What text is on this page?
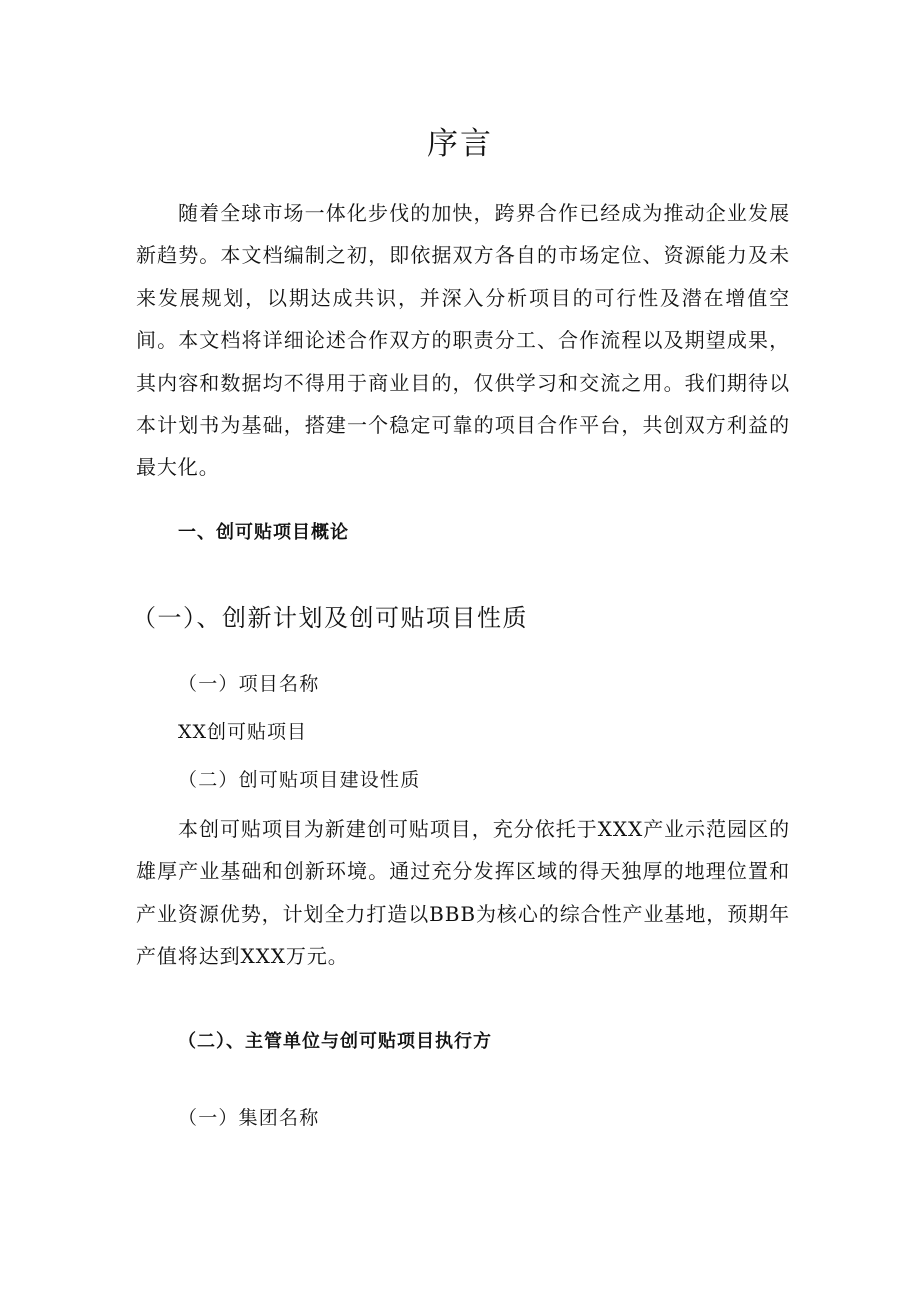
序言

随着全球市场一体化步伐的加快，跨界合作已经成为推动企业发展新趋势。本文档编制之初，即依据双方各自的市场定位、资源能力及未来发展规划，以期达成共识，并深入分析项目的可行性及潜在增值空间。本文档将详细论述合作双方的职责分工、合作流程以及期望成果，其内容和数据均不得用于商业目的，仅供学习和交流之用。我们期待以本计划书为基础，搭建一个稳定可靠的项目合作平台，共创双方利益的最大化。

一、创可贴项目概论
（一）、创新计划及创可贴项目性质

（一）项目名称

XX创可贴项目

（二）创可贴项目建设性质

本创可贴项目为新建创可贴项目，充分依托于XXX产业示范园区的雄厚产业基础和创新环境。通过充分发挥区域的得天独厚的地理位置和产业资源优势，计划全力打造以BBB为核心的综合性产业基地，预期年产值将达到XXX万元。

（二）、主管单位与创可贴项目执行方

（一）集团名称
